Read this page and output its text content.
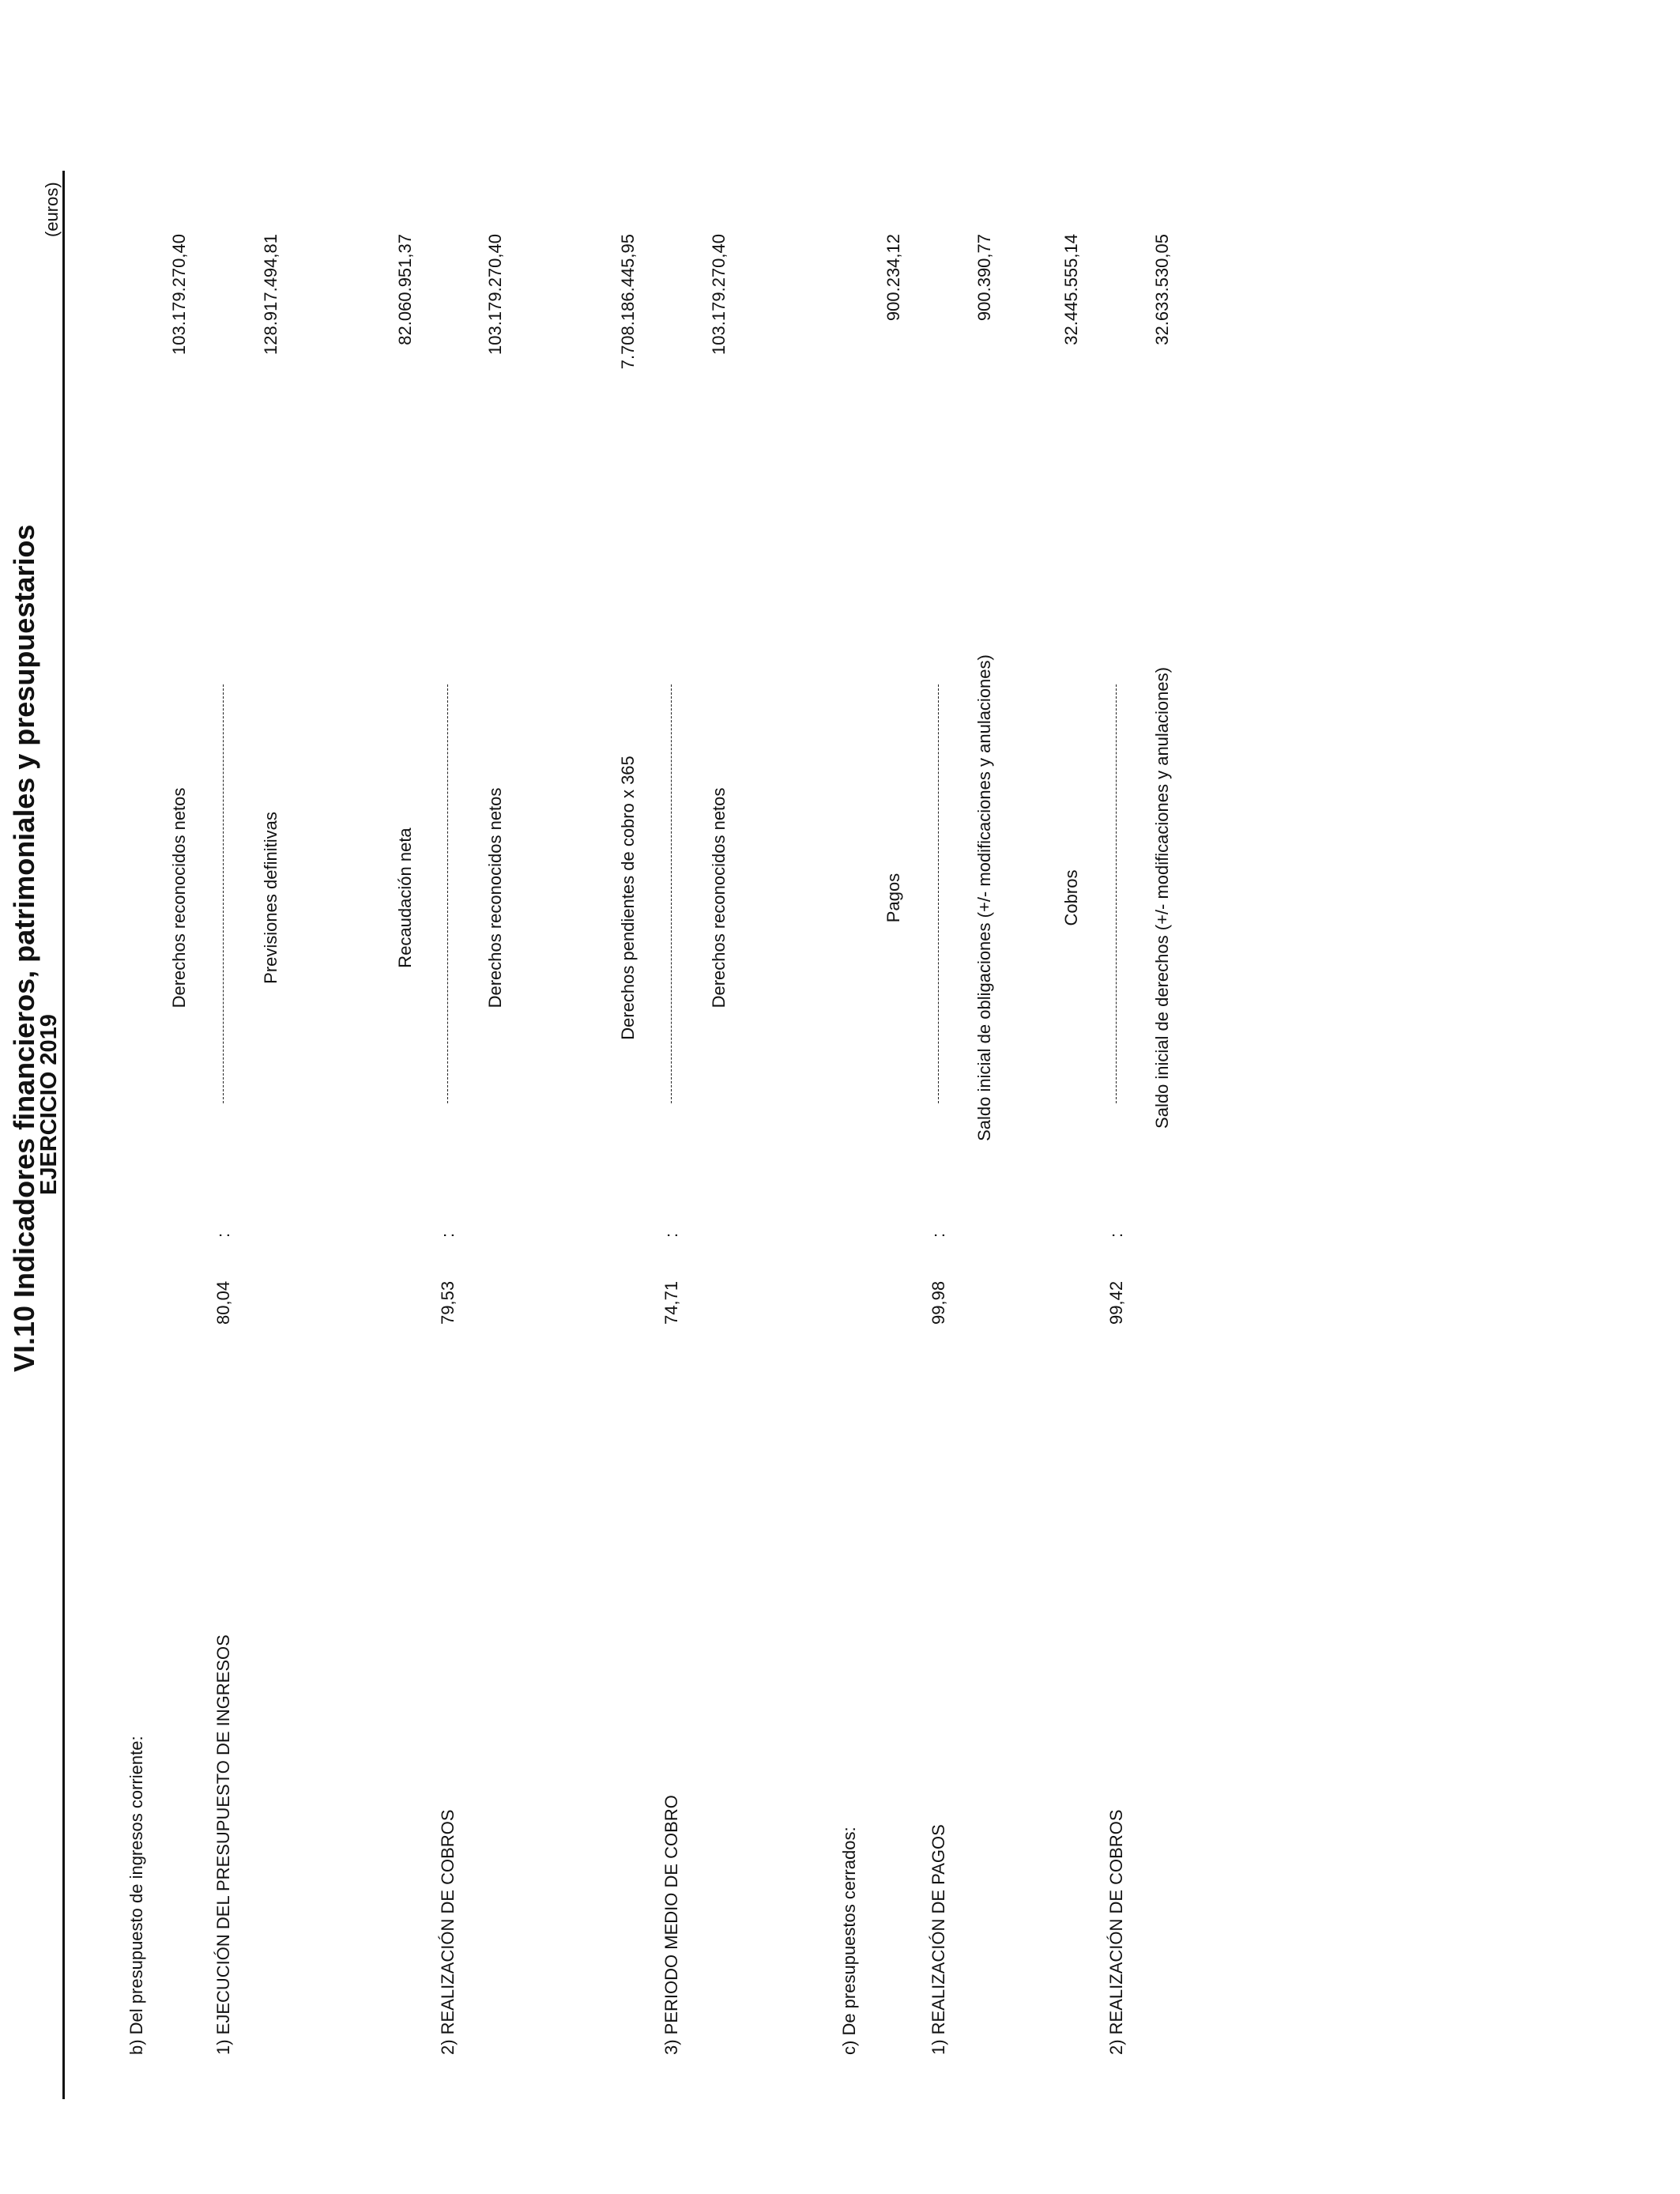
VI.10 Indicadores financieros, patrimoniales y presupuestarios
EJERCICIO 2019
(euros)
b) Del presupuesto de ingresos corriente:	1) EJECUCIÓN DEL PRESUPUESTO DE INGRESOS
80,04
:
Derechos reconocidos netos	Previsiones definitivas
103.179.270,40	128.917.494,81
2) REALIZACIÓN DE COBROS
79,53
:
Recaudación neta	Derechos reconocidos netos
82.060.951,37	103.179.270,40
3) PERIODO MEDIO DE COBRO
74,71
:
Derechos pendientes de cobro x 365	Derechos reconocidos netos
7.708.186.445,95	103.179.270,40
c) De presupuestos cerrados:	1) REALIZACIÓN DE PAGOS
99,98
:
Pagos	Saldo inicial de obligaciones (+/- modificaciones y anulaciones)
900.234,12	900.390,77
2) REALIZACIÓN DE COBROS
99,42
:
Cobros	Saldo inicial de derechos (+/- modificaciones y anulaciones)
32.445.555,14	32.633.530,05
